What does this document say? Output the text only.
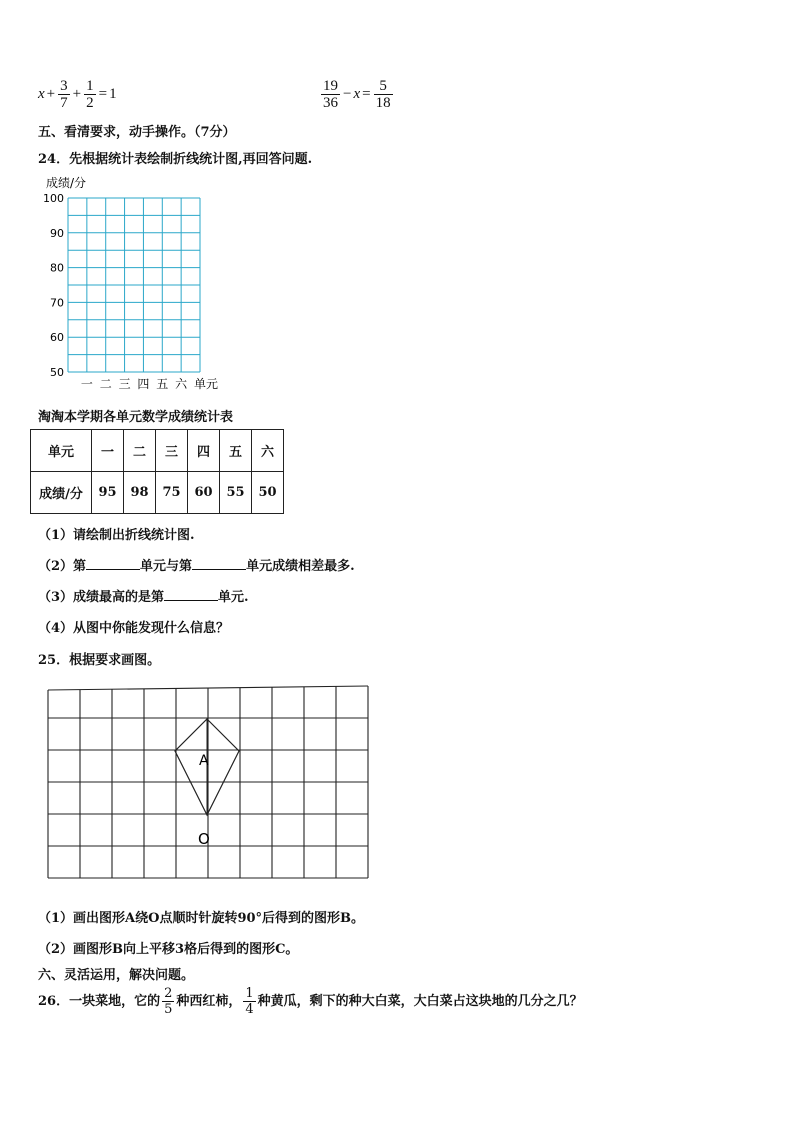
$x + \frac{3}{7} + \frac{1}{2} = 1$	$\frac{19}{36} - x = \frac{5}{18}$
五、看清要求，动手操作。（7分）
24．先根据统计表绘制折线统计图,再回答问题.
成绩/分
100
90
80
70
60
50
一 二 三 四 五 六 单元
淘淘本学期各单元数学成绩统计表
单元	一	二	三	四	五	六
成绩/分	95	98	75	60	55	50
（1）请绘制出折线统计图.
（2）第	单元与第	单元成绩相差最多.
（3）成绩最高的是第	单元.
（4）从图中你能发现什么信息？
25．根据要求画图。
A
O
（1）画出图形A绕O点顺时针旋转90°后得到的图形B。
（2）画图形B向上平移3格后得到的图形C。
六、灵活运用，解决问题。
26．一块菜地，它的 $\frac{2}{5}$ 种西红柿， $\frac{1}{4}$ 种黄瓜，剩下的种大白菜，大白菜占这块地的几分之几？
